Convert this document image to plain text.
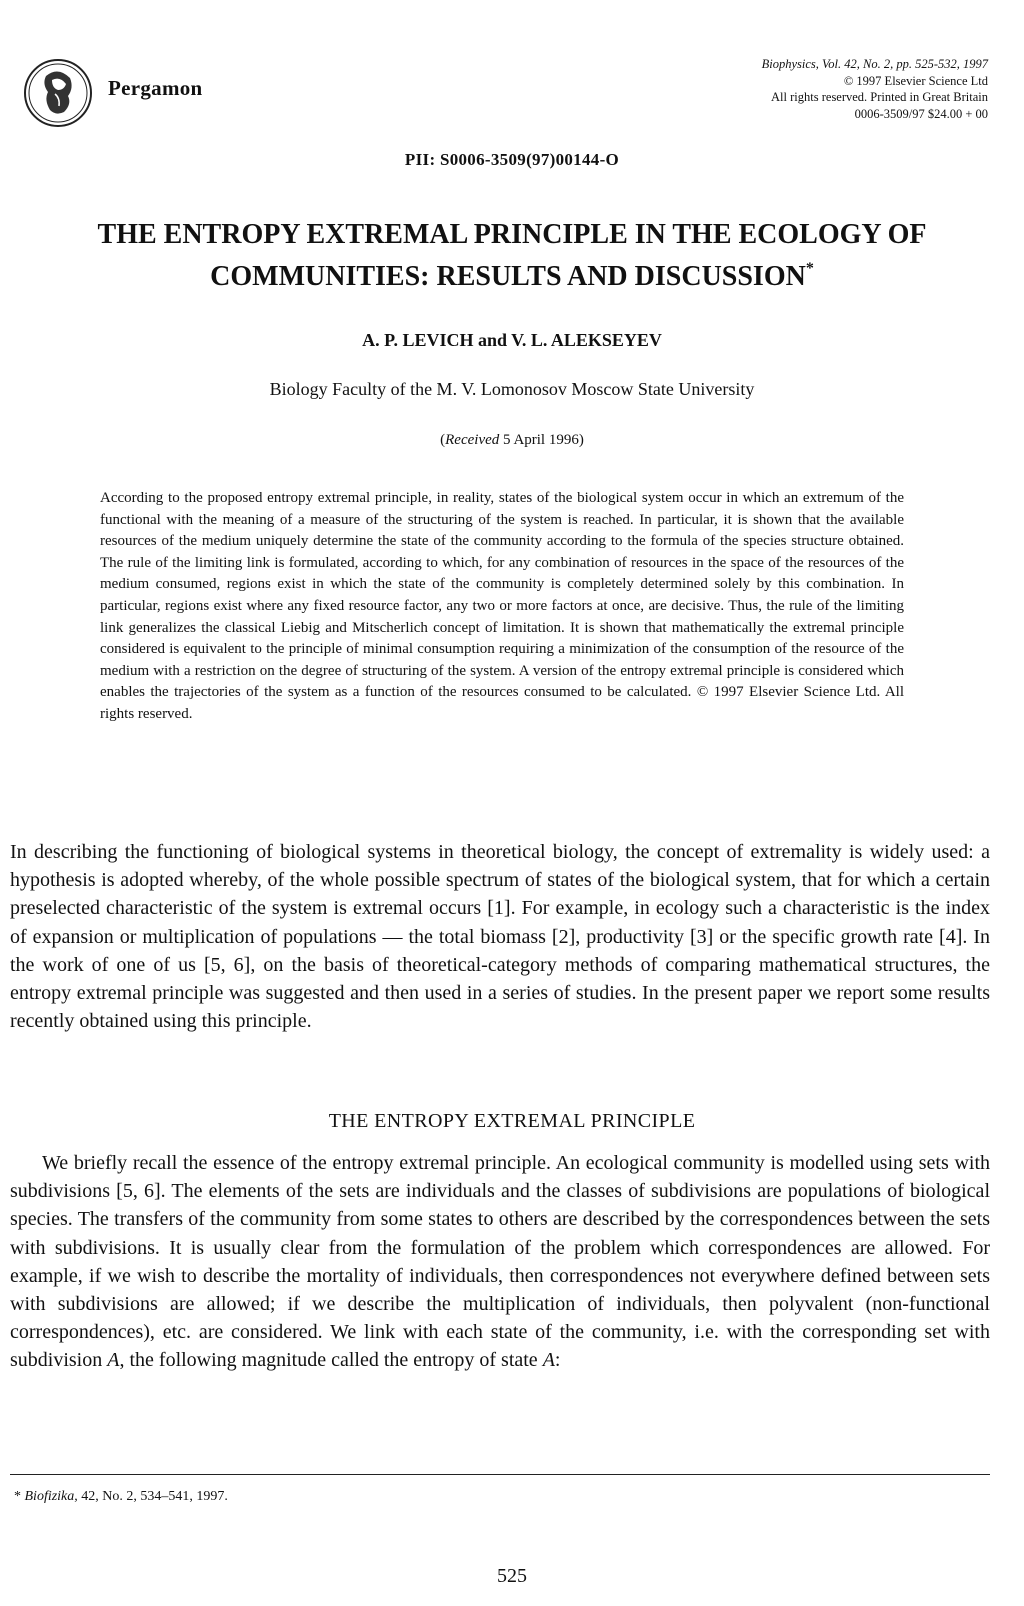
Pergamon
Biophysics, Vol. 42, No. 2, pp. 525-532, 1997
© 1997 Elsevier Science Ltd
All rights reserved. Printed in Great Britain
0006-3509/97 $24.00 + 00
PII: S0006-3509(97)00144-O
THE ENTROPY EXTREMAL PRINCIPLE IN THE ECOLOGY OF COMMUNITIES: RESULTS AND DISCUSSION*
A. P. LEVICH and V. L. ALEKSEYEV
Biology Faculty of the M. V. Lomonosov Moscow State University
(Received 5 April 1996)
According to the proposed entropy extremal principle, in reality, states of the biological system occur in which an extremum of the functional with the meaning of a measure of the structuring of the system is reached. In particular, it is shown that the available resources of the medium uniquely determine the state of the community according to the formula of the species structure obtained. The rule of the limiting link is formulated, according to which, for any combination of resources in the space of the resources of the medium consumed, regions exist in which the state of the community is completely determined solely by this combination. In particular, regions exist where any fixed resource factor, any two or more factors at once, are decisive. Thus, the rule of the limiting link generalizes the classical Liebig and Mitscherlich concept of limitation. It is shown that mathematically the extremal principle considered is equivalent to the principle of minimal consumption requiring a minimization of the consumption of the resource of the medium with a restriction on the degree of structuring of the system. A version of the entropy extremal principle is considered which enables the trajectories of the system as a function of the resources consumed to be calculated. © 1997 Elsevier Science Ltd. All rights reserved.
In describing the functioning of biological systems in theoretical biology, the concept of extremality is widely used: a hypothesis is adopted whereby, of the whole possible spectrum of states of the biological system, that for which a certain preselected characteristic of the system is extremal occurs [1]. For example, in ecology such a characteristic is the index of expansion or multiplication of populations — the total biomass [2], productivity [3] or the specific growth rate [4]. In the work of one of us [5, 6], on the basis of theoretical-category methods of comparing mathematical structures, the entropy extremal principle was suggested and then used in a series of studies. In the present paper we report some results recently obtained using this principle.
THE ENTROPY EXTREMAL PRINCIPLE
We briefly recall the essence of the entropy extremal principle. An ecological community is modelled using sets with subdivisions [5, 6]. The elements of the sets are individuals and the classes of subdivisions are populations of biological species. The transfers of the community from some states to others are described by the correspondences between the sets with subdivisions. It is usually clear from the formulation of the problem which correspondences are allowed. For example, if we wish to describe the mortality of individuals, then correspondences not everywhere defined between sets with subdivisions are allowed; if we describe the multiplication of individuals, then polyvalent (non-functional correspondences), etc. are considered. We link with each state of the community, i.e. with the corresponding set with subdivision A, the following magnitude called the entropy of state A:
* Biofizika, 42, No. 2, 534–541, 1997.
525
